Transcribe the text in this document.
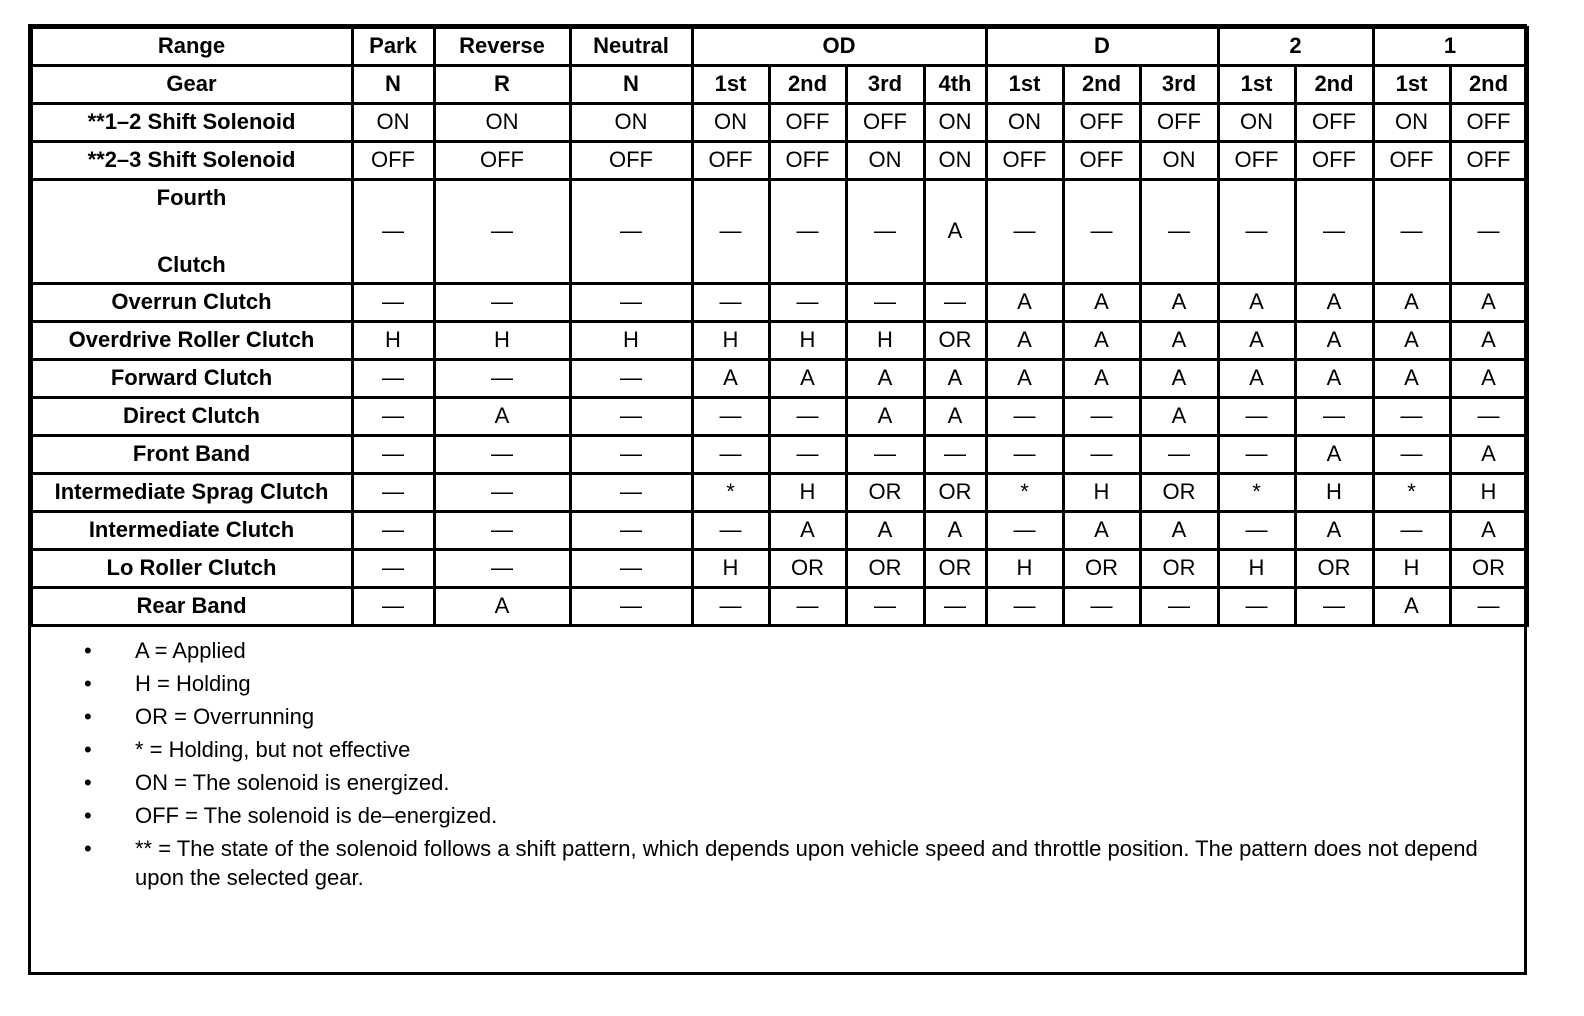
Range	Park	Reverse	Neutral	OD				D			2		1	
Gear	N	R	N	1st	2nd	3rd	4th	1st	2nd	3rd	1st	2nd	1st	2nd
**1–2 Shift Solenoid	ON	ON	ON	ON	OFF	OFF	ON	ON	OFF	OFF	ON	OFF	ON	OFF
**2–3 Shift Solenoid	OFF	OFF	OFF	OFF	OFF	ON	ON	OFF	OFF	ON	OFF	OFF	OFF	OFF

Fourth
Clutch	—	—	—	—	—	—	A	—	—	—	—	—	—	—
Overrun Clutch	—	—	—	—	—	—	—	A	A	A	A	A	A	A
Overdrive Roller Clutch	H	H	H	H	H	H	OR	A	A	A	A	A	A	A
Forward Clutch	—	—	—	A	A	A	A	A	A	A	A	A	A	A
Direct Clutch	—	A	—	—	—	A	A	—	—	A	—	—	—	—
Front Band	—	—	—	—	—	—	—	—	—	—	—	A	—	A
Intermediate Sprag Clutch	—	—	—	*	H	OR	OR	*	H	OR	*	H	*	H
Intermediate Clutch	—	—	—	—	A	A	A	—	A	A	—	A	—	A
Lo Roller Clutch	—	—	—	H	OR	OR	OR	H	OR	OR	H	OR	H	OR
Rear Band	—	A	—	—	—	—	—	—	—	—	—	—	A	—
• A = Applied
• H = Holding
• OR = Overrunning
• * = Holding, but not effective
• ON = The solenoid is energized.
• OFF = The solenoid is de–energized.
• ** = The state of the solenoid follows a shift pattern, which depends upon vehicle speed and throttle position. The pattern does not depend upon the selected gear.
